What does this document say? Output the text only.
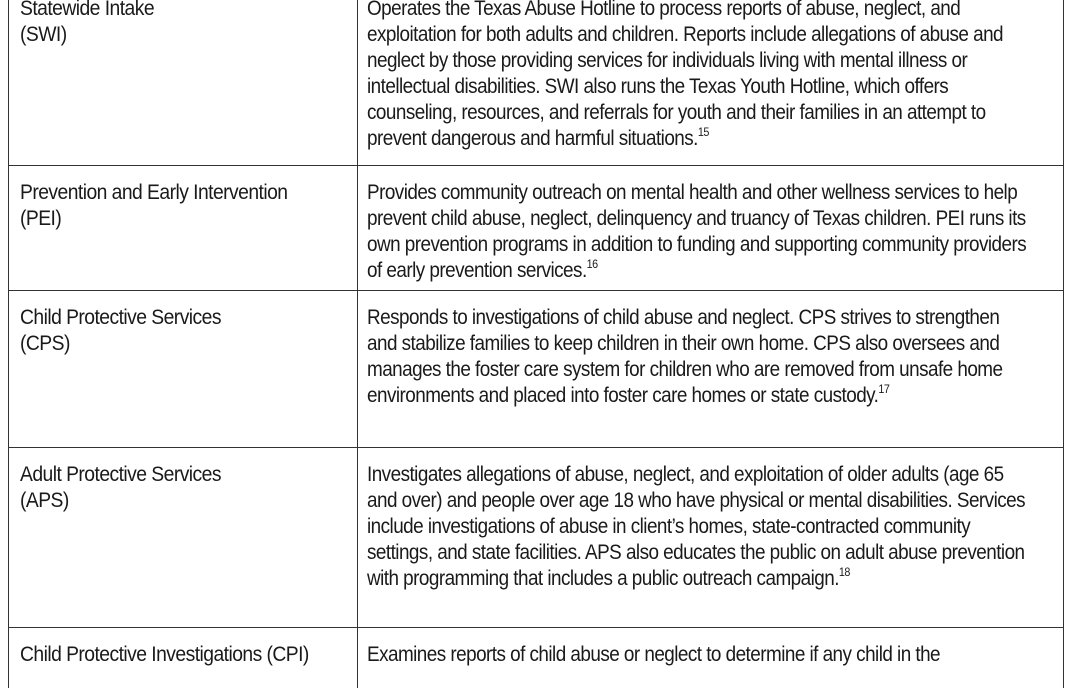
Statewide Intake
(SWI)
Operates the Texas Abuse Hotline to process reports of abuse, neglect, and exploitation for both adults and children. Reports include allegations of abuse and neglect by those providing services for individuals living with mental illness or intellectual disabilities. SWI also runs the Texas Youth Hotline, which offers counseling, resources, and referrals for youth and their families in an attempt to prevent dangerous and harmful situations.$^{15}$
Prevention and Early Intervention
(PEI)
Provides community outreach on mental health and other wellness services to help prevent child abuse, neglect, delinquency and truancy of Texas children. PEI runs its own prevention programs in addition to funding and supporting community providers of early prevention services.$^{16}$
Child Protective Services
(CPS)
Responds to investigations of child abuse and neglect. CPS strives to strengthen and stabilize families to keep children in their own home. CPS also oversees and manages the foster care system for children who are removed from unsafe home environments and placed into foster care homes or state custody.$^{17}$
Adult Protective Services
(APS)
Investigates allegations of abuse, neglect, and exploitation of older adults (age 65 and over) and people over age 18 who have physical or mental disabilities. Services include investigations of abuse in client’s homes, state-contracted community settings, and state facilities. APS also educates the public on adult abuse prevention with programming that includes a public outreach campaign.$^{18}$
Child Protective Investigations (CPI)	Examines reports of child abuse or neglect to determine if any child in the
